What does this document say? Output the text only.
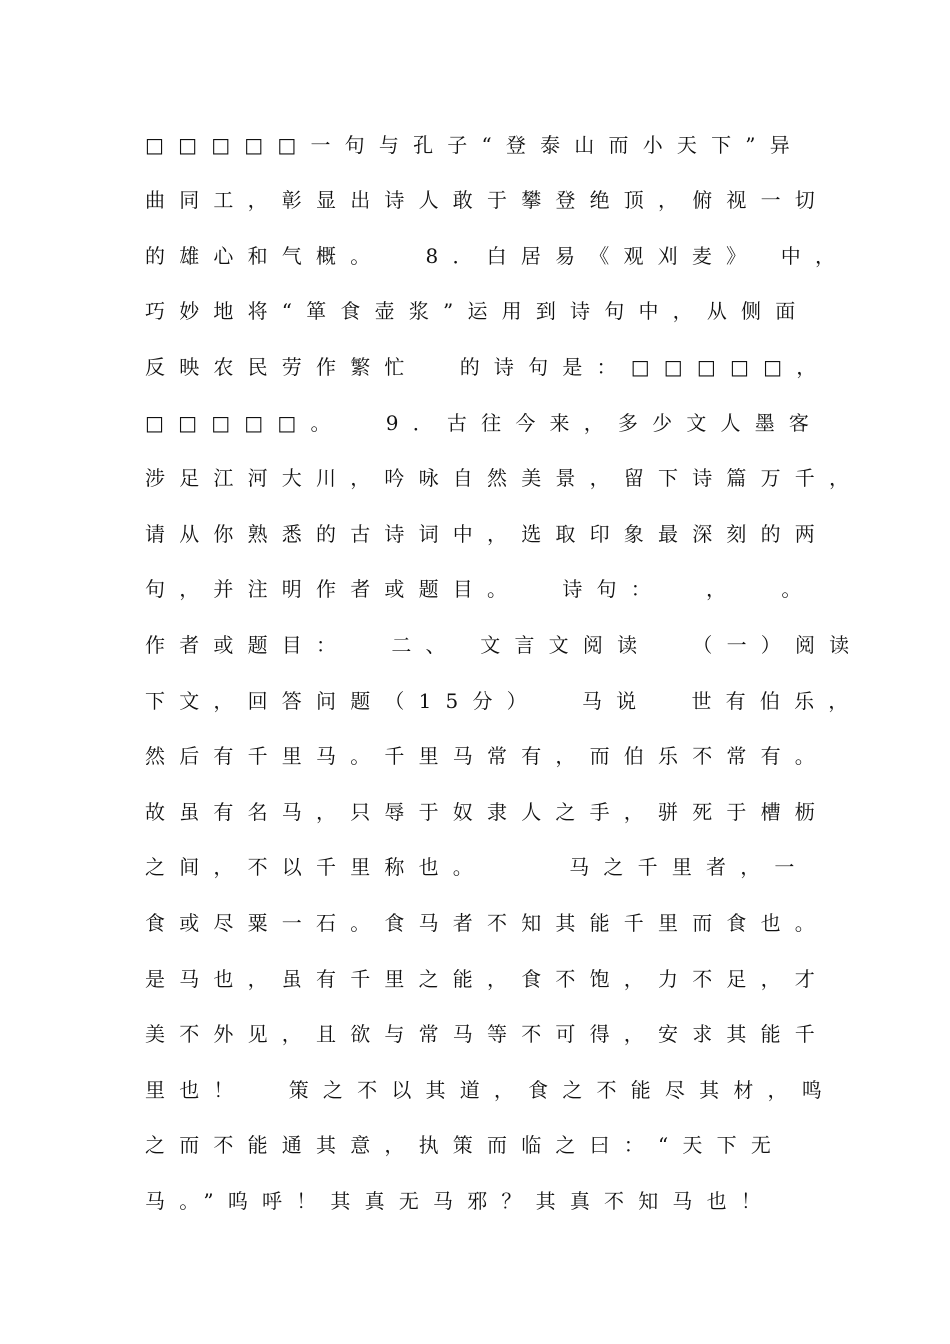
□□□□□一句与孔子“登泰山而小天下”异
曲同工，彰显出诗人敢于攀登绝顶，俯视一切
的雄心和气概。  8．白居易《观刈麦》 中，
巧妙地将“箪食壶浆”运用到诗句中，从侧面
反映农民劳作繁忙  的诗句是：□□□□□，
□□□□□。  9．古往今来，多少文人墨客
涉足江河大川，吟咏自然美景，留下诗篇万千，
请从你熟悉的古诗词中，选取印象最深刻的两
句，并注明作者或题目。  诗句：  ，  。
作者或题目：  二、 文言文阅读  （一）阅读
下文，回答问题（15分）  马说  世有伯乐，
然后有千里马。千里马常有，而伯乐不常有。
故虽有名马，只辱于奴隶人之手，骈死于槽枥
之间，不以千里称也。    马之千里者，一
食或尽粟一石。食马者不知其能千里而食也。
是马也，虽有千里之能，食不饱，力不足，才
美不外见，且欲与常马等不可得，安求其能千
里也！  策之不以其道，食之不能尽其材，鸣
之而不能通其意，执策而临之曰：“天下无
马。”呜呼！其真无马邪？其真不知马也！
